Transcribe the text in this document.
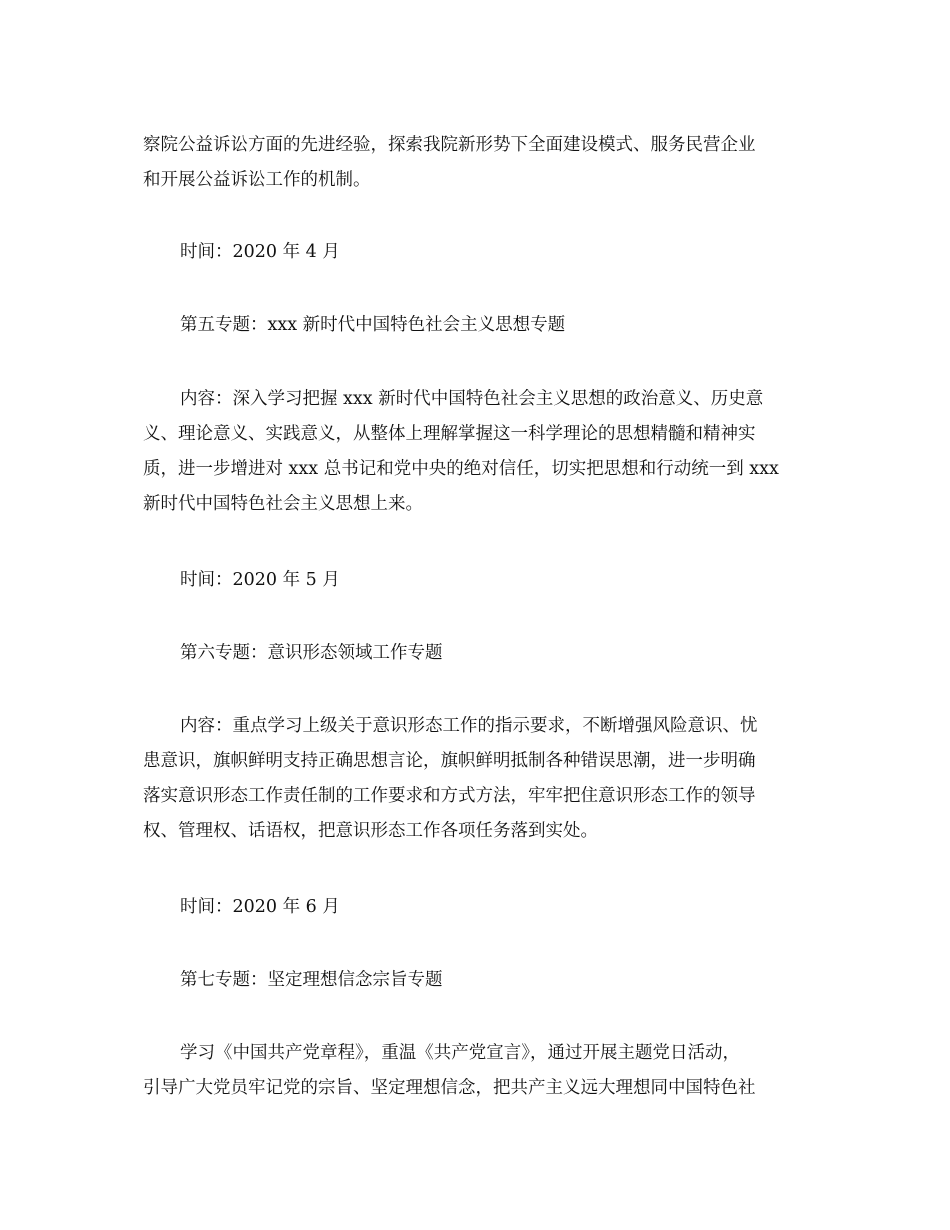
察院公益诉讼方面的先进经验，探索我院新形势下全面建设模式、服务民营企业
和开展公益诉讼工作的机制。
时间：2020 年 4 月
第五专题：xxx 新时代中国特色社会主义思想专题
内容：深入学习把握 xxx 新时代中国特色社会主义思想的政治意义、历史意
义、理论意义、实践意义，从整体上理解掌握这一科学理论的思想精髓和精神实
质，进一步增进对 xxx 总书记和党中央的绝对信任，切实把思想和行动统一到 xxx
新时代中国特色社会主义思想上来。
时间：2020 年 5 月
第六专题：意识形态领域工作专题
内容：重点学习上级关于意识形态工作的指示要求，不断增强风险意识、忧
患意识，旗帜鲜明支持正确思想言论，旗帜鲜明抵制各种错误思潮，进一步明确
落实意识形态工作责任制的工作要求和方式方法，牢牢把住意识形态工作的领导
权、管理权、话语权，把意识形态工作各项任务落到实处。
时间：2020 年 6 月
第七专题：坚定理想信念宗旨专题
学习《中国共产党章程》，重温《共产党宣言》，通过开展主题党日活动，
引导广大党员牢记党的宗旨、坚定理想信念，把共产主义远大理想同中国特色社
